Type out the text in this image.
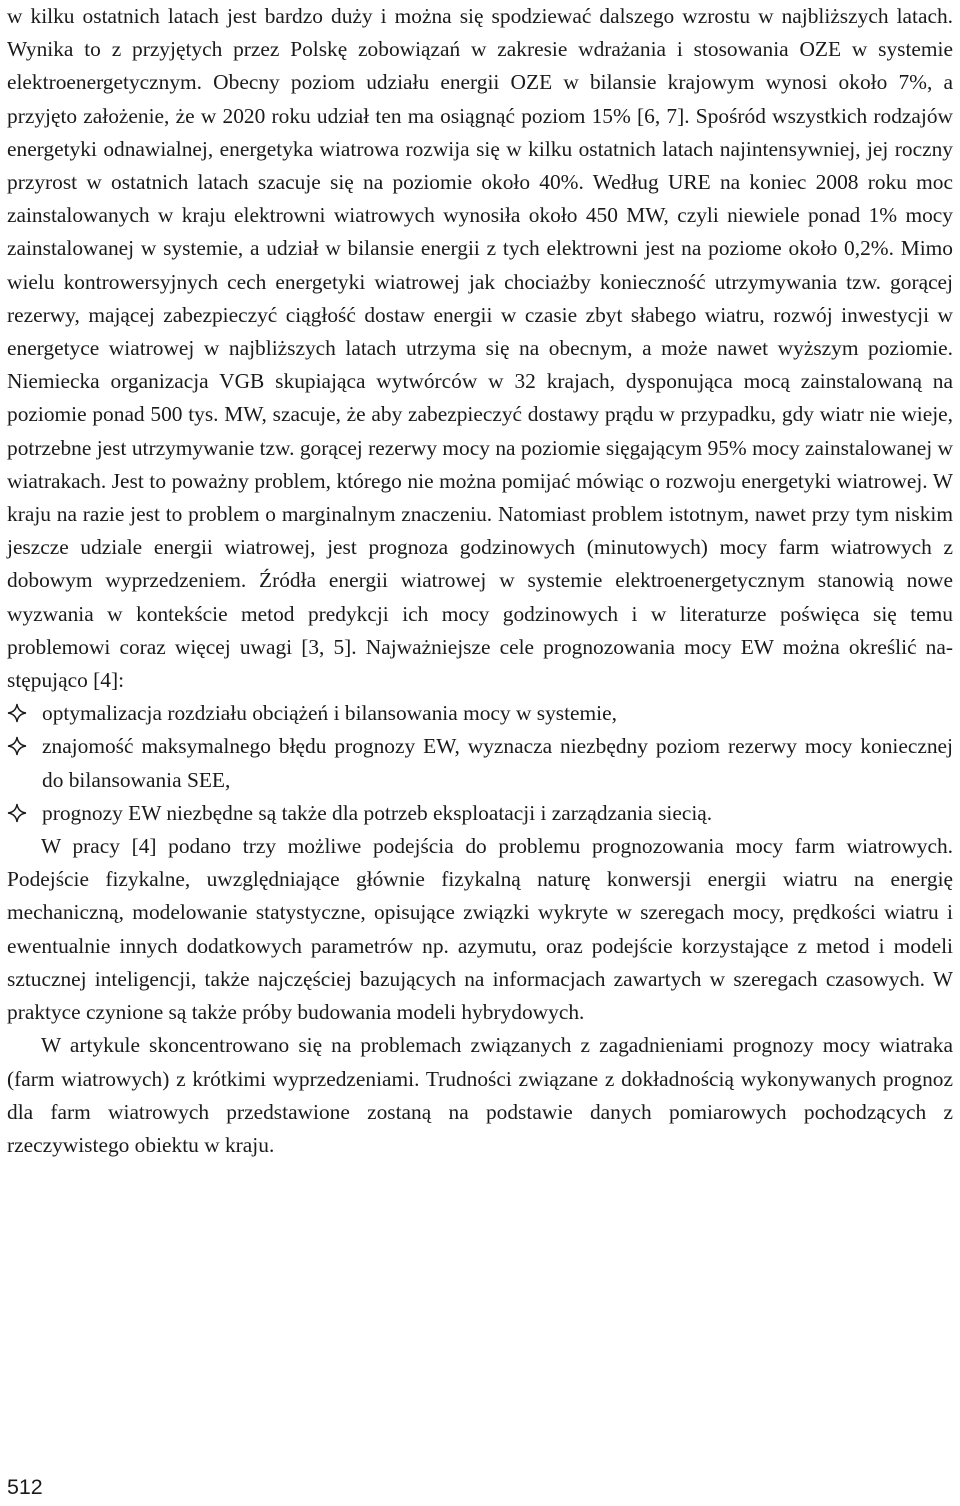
w kilku ostatnich latach jest bardzo duży i można się spodziewać dalszego wzrostu w najbliższych latach. Wynika to z przyjętych przez Polskę zobowiązań w zakresie wdrażania i stosowania OZE w systemie elektroenergetycznym. Obecny poziom udziału energii OZE w bilansie krajowym wynosi około 7%, a przyjęto założenie, że w 2020 roku udział ten ma osiągnąć poziom 15% [6, 7]. Spośród wszystkich rodzajów energetyki odnawialnej, energetyka wiatrowa rozwija się w kilku ostatnich latach najintensywniej, jej roczny przyrost w ostatnich latach szacuje się na poziomie około 40%. Według URE na koniec 2008 roku moc zainstalowanych w kraju elektrowni wiatrowych wynosiła około 450 MW, czyli niewiele ponad 1% mocy zainstalowanej w systemie, a udział w bilansie energii z tych elektrowni jest na poziome około 0,2%. Mimo wielu kontrowersyjnych cech energetyki wiatrowej jak chociażby konieczność utrzymywania tzw. gorącej rezerwy, mającej zabezpieczyć ciągłość dostaw energii w czasie zbyt słabego wiatru, rozwój inwestycji w energetyce wiatrowej w najbliższych latach utrzyma się na obecnym, a może nawet wyższym poziomie. Niemiecka organizacja VGB skupiająca wytwórców w 32 krajach, dysponująca mocą zainstalowaną na poziomie ponad 500 tys. MW, szacuje, że aby zabezpieczyć dostawy prądu w przypadku, gdy wiatr nie wieje, potrzebne jest utrzymywanie tzw. gorącej rezerwy mocy na poziomie sięgającym 95% mocy zainstalowanej w wiatrakach. Jest to poważny problem, którego nie można pomijać mówiąc o rozwoju energetyki wiatrowej. W kraju na razie jest to problem o marginalnym znaczeniu. Natomiast problem istotnym, nawet przy tym niskim jeszcze udziale energii wiatrowej, jest prognoza godzinowych (minutowych) mocy farm wiatrowych z dobowym wyprzedzeniem. Źródła energii wiatrowej w systemie elektroenergetycznym stanowią nowe wyzwania w kontekście metod predykcji ich mocy godzinowych i w literaturze poświęca się temu problemowi coraz więcej uwagi [3, 5]. Najważniejsze cele prognozowania mocy EW można określić następująco [4]:

optymalizacja rozdziału obciążeń i bilansowania mocy w systemie,
znajomość maksymalnego błędu prognozy EW, wyznacza niezbędny poziom rezerwy mocy koniecznej do bilansowania SEE,
prognozy EW niezbędne są także dla potrzeb eksploatacji i zarządzania siecią.

W pracy [4] podano trzy możliwe podejścia do problemu prognozowania mocy farm wiatrowych. Podejście fizykalne, uwzględniające głównie fizykalną naturę konwersji energii wiatru na energię mechaniczną, modelowanie statystyczne, opisujące związki wykryte w szeregach mocy, prędkości wiatru i ewentualnie innych dodatkowych parametrów np. azymutu, oraz podejście korzystające z metod i modeli sztucznej inteligencji, także najczęściej bazujących na informacjach zawartych w szeregach czasowych. W praktyce czynione są także próby budowania modeli hybrydowych.

W artykule skoncentrowano się na problemach związanych z zagadnieniami prognozy mocy wiatraka (farm wiatrowych) z krótkimi wyprzedzeniami. Trudności związane z dokładnością wykonywanych prognoz dla farm wiatrowych przedstawione zostaną na podstawie danych pomiarowych pochodzących z rzeczywistego obiektu w kraju.

512
